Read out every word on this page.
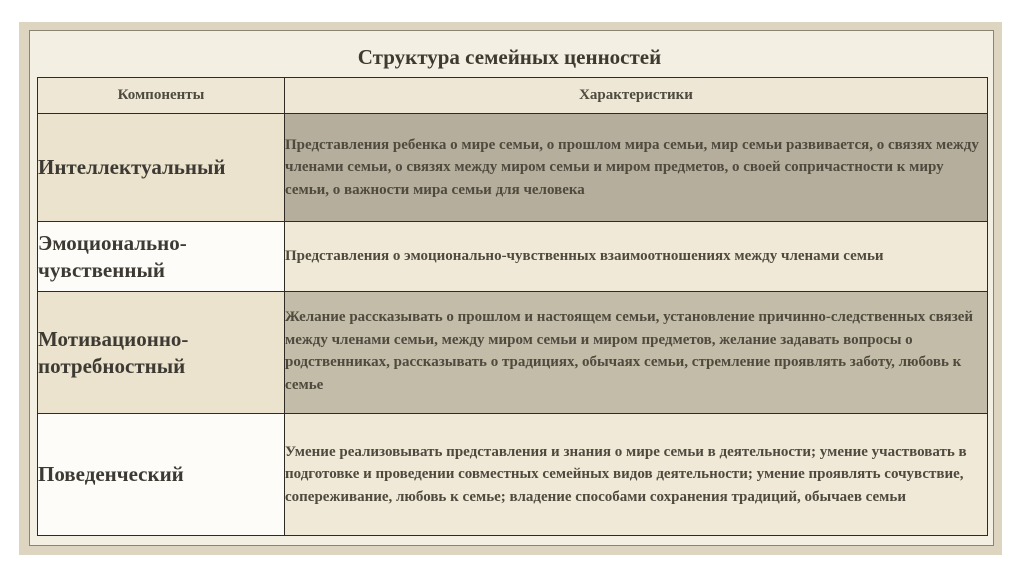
Структура семейных ценностей
Компоненты	Характеристики
Интеллектуальный	Представления ребенка о мире семьи, о прошлом мира семьи, мир семьи развивается, о связях между членами семьи, о связях между миром семьи и миром предметов, о своей сопричастности к миру семьи, о важности мира семьи для человека
Эмоционально-чувственный	Представления о эмоционально-чувственных взаимоотношениях между членами семьи
Мотивационно-потребностный	Желание рассказывать о прошлом и настоящем семьи, установление причинно-следственных связей между членами семьи, между миром семьи и миром предметов, желание задавать вопросы о родственниках, рассказывать о традициях, обычаях семьи, стремление проявлять заботу, любовь к семье
Поведенческий	Умение реализовывать представления и знания о мире семьи в деятельности; умение участвовать в подготовке и проведении совместных семейных видов деятельности; умение проявлять сочувствие, сопереживание, любовь к семье; владение способами сохранения традиций, обычаев семьи
